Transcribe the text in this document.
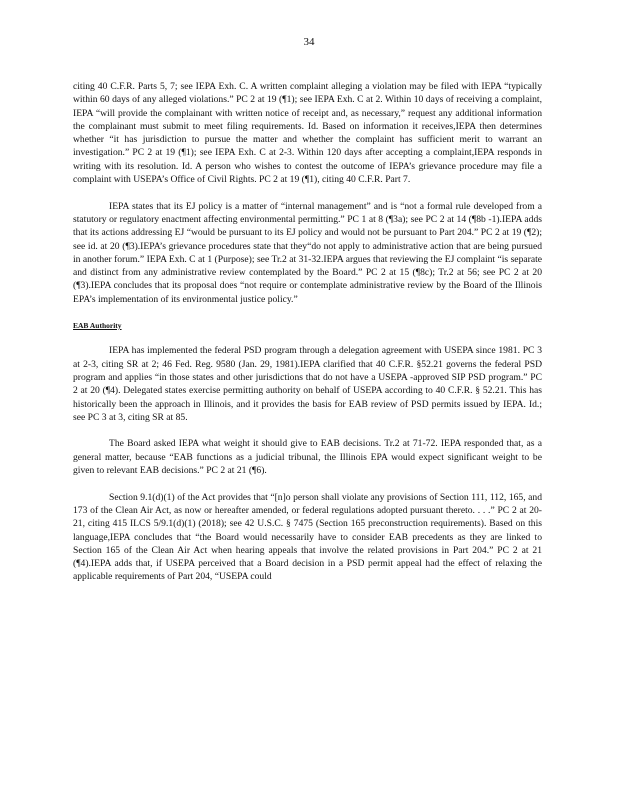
34

citing 40 C.F.R. Parts 5, 7; see IEPA Exh. C. A written complaint alleging a violation may be filed with IEPA “typically within 60 days of any alleged violations.” PC 2 at 19 (¶1); see IEPA Exh. C at 2. Within 10 days of receiving a complaint, IEPA “will provide the complainant with written notice of receipt and, as necessary,” request any additional information the complainant must submit to meet filing requirements. Id. Based on information it receives,IEPA then determines whether “it has jurisdiction to pursue the matter and whether the complaint has sufficient merit to warrant an investigation.” PC 2 at 19 (¶1); see IEPA Exh. C at 2-3. Within 120 days after accepting a complaint,IEPA responds in writing with its resolution. Id. A person who wishes to contest the outcome of IEPA’s grievance procedure may file a complaint with USEPA’s Office of Civil Rights. PC 2 at 19 (¶1), citing 40 C.F.R. Part 7.

IEPA states that its EJ policy is a matter of “internal management” and is “not a formal rule developed from a statutory or regulatory enactment affecting environmental permitting.” PC 1 at 8 (¶3a); see PC 2 at 14 (¶8b -1).IEPA adds that its actions addressing EJ “would be pursuant to its EJ policy and would not be pursuant to Part 204.” PC 2 at 19 (¶2); see id. at 20 (¶3).IEPA’s grievance procedures state that they“do not apply to administrative action that are being pursued in another forum.” IEPA Exh. C at 1 (Purpose); see Tr.2 at 31-32.IEPA argues that reviewing the EJ complaint “is separate and distinct from any administrative review contemplated by the Board.” PC 2 at 15 (¶8c); Tr.2 at 56; see PC 2 at 20 (¶3).IEPA concludes that its proposal does “not require or contemplate administrative review by the Board of the Illinois EPA’s implementation of its environmental justice policy.”

EAB Authority

IEPA has implemented the federal PSD program through a delegation agreement with USEPA since 1981. PC 3 at 2-3, citing SR at 2; 46 Fed. Reg. 9580 (Jan. 29, 1981).IEPA clarified that 40 C.F.R. §52.21 governs the federal PSD program and applies “in those states and other jurisdictions that do not have a USEPA -approved SIP PSD program.” PC 2 at 20 (¶4). Delegated states exercise permitting authority on behalf of USEPA according to 40 C.F.R. § 52.21. This has historically been the approach in Illinois, and it provides the basis for EAB review of PSD permits issued by IEPA. Id.; see PC 3 at 3, citing SR at 85.

The Board asked IEPA what weight it should give to EAB decisions. Tr.2 at 71-72. IEPA responded that, as a general matter, because “EAB functions as a judicial tribunal, the Illinois EPA would expect significant weight to be given to relevant EAB decisions.” PC 2 at 21 (¶6).

Section 9.1(d)(1) of the Act provides that “[n]o person shall violate any provisions of Section 111, 112, 165, and 173 of the Clean Air Act, as now or hereafter amended, or federal regulations adopted pursuant thereto. . . .” PC 2 at 20-21, citing 415 ILCS 5/9.1(d)(1) (2018); see 42 U.S.C. § 7475 (Section 165 preconstruction requirements). Based on this language,IEPA concludes that “the Board would necessarily have to consider EAB precedents as they are linked to Section 165 of the Clean Air Act when hearing appeals that involve the related provisions in Part 204.” PC 2 at 21 (¶4).IEPA adds that, if USEPA perceived that a Board decision in a PSD permit appeal had the effect of relaxing the applicable requirements of Part 204, “USEPA could
